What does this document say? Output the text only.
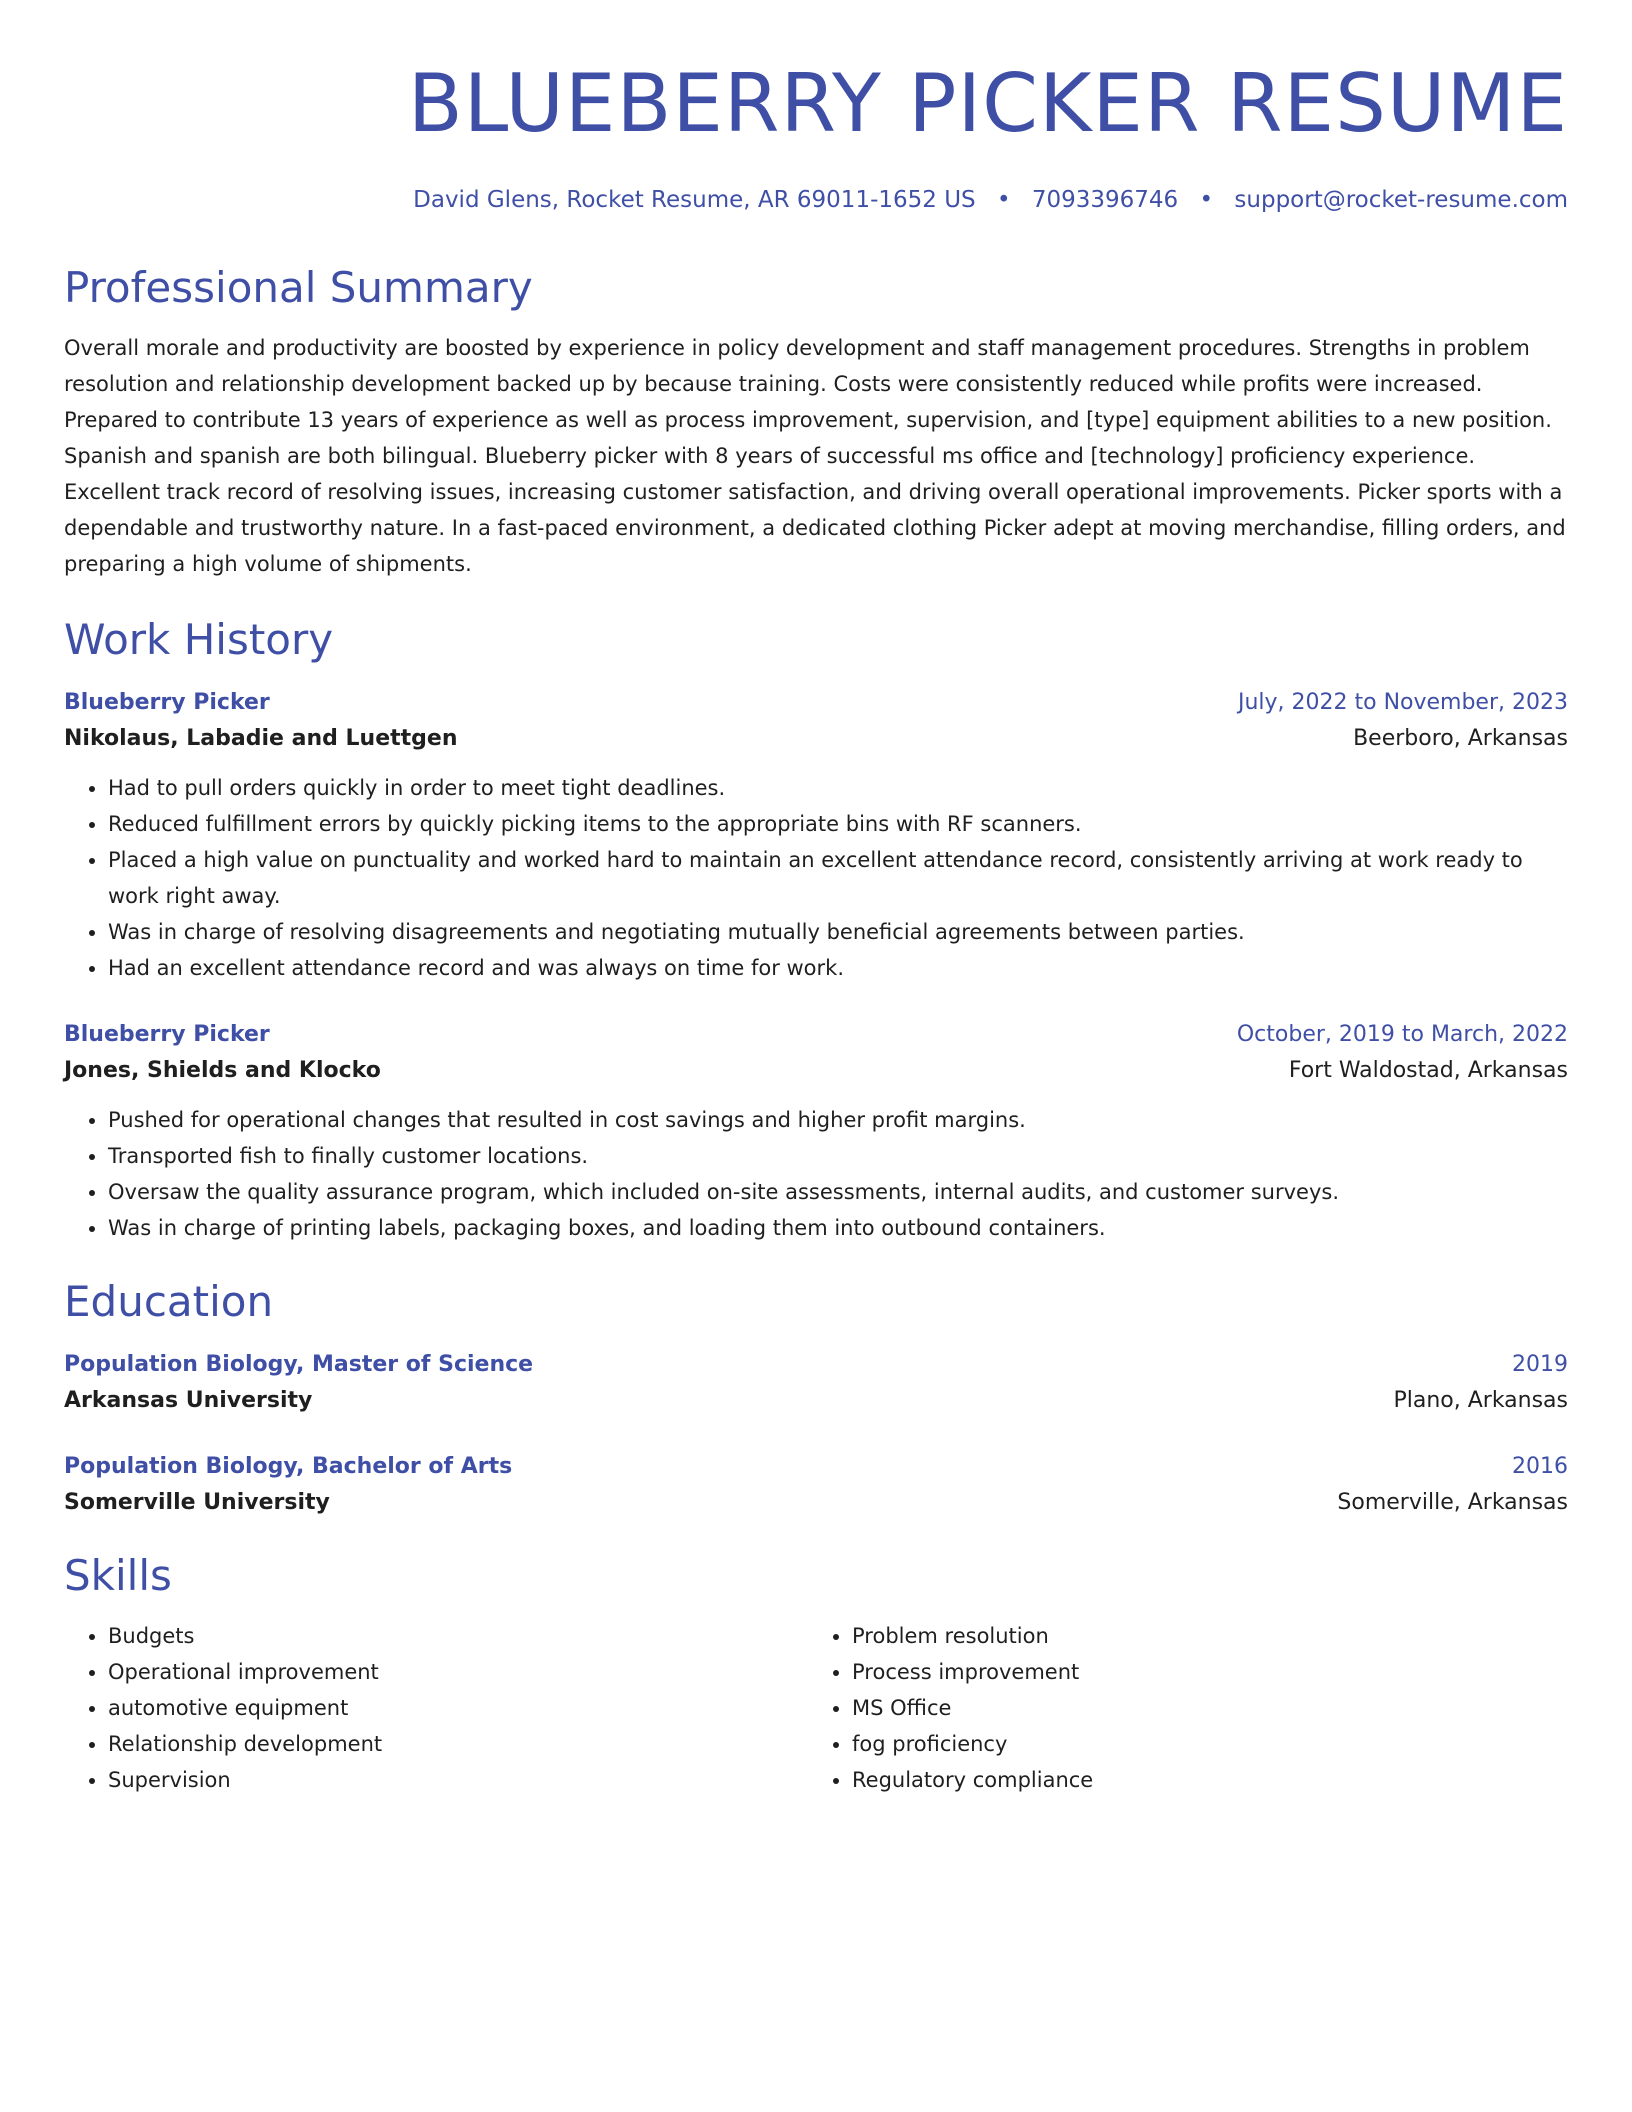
BLUEBERRY PICKER RESUME
David Glens, Rocket Resume, AR 69011-1652 US • 7093396746 • support@rocket-resume.com
Professional Summary

Overall morale and productivity are boosted by experience in policy development and staff management procedures. Strengths in problem resolution and relationship development backed up by because training. Costs were consistently reduced while profits were increased. Prepared to contribute 13 years of experience as well as process improvement, supervision, and [type] equipment abilities to a new position. Spanish and spanish are both bilingual. Blueberry picker with 8 years of successful ms office and [technology] proficiency experience. Excellent track record of resolving issues, increasing customer satisfaction, and driving overall operational improvements. Picker sports with a dependable and trustworthy nature. In a fast-paced environment, a dedicated clothing Picker adept at moving merchandise, filling orders, and preparing a high volume of shipments.

Work History
Blueberry Picker	July, 2022 to November, 2023
Nikolaus, Labadie and Luettgen	Beerboro, Arkansas
• Had to pull orders quickly in order to meet tight deadlines.
• Reduced fulfillment errors by quickly picking items to the appropriate bins with RF scanners.
• Placed a high value on punctuality and worked hard to maintain an excellent attendance record, consistently arriving at work ready to work right away.
• Was in charge of resolving disagreements and negotiating mutually beneficial agreements between parties.
• Had an excellent attendance record and was always on time for work.
Blueberry Picker	October, 2019 to March, 2022
Jones, Shields and Klocko	Fort Waldostad, Arkansas
• Pushed for operational changes that resulted in cost savings and higher profit margins.
• Transported fish to finally customer locations.
• Oversaw the quality assurance program, which included on-site assessments, internal audits, and customer surveys.
• Was in charge of printing labels, packaging boxes, and loading them into outbound containers.
Education
Population Biology, Master of Science	2019
Arkansas University	Plano, Arkansas
Population Biology, Bachelor of Arts	2016
Somerville University	Somerville, Arkansas
Skills
• Budgets
• Operational improvement
• automotive equipment
• Relationship development
• Supervision
• Problem resolution
• Process improvement
• MS Office
• fog proficiency
• Regulatory compliance
